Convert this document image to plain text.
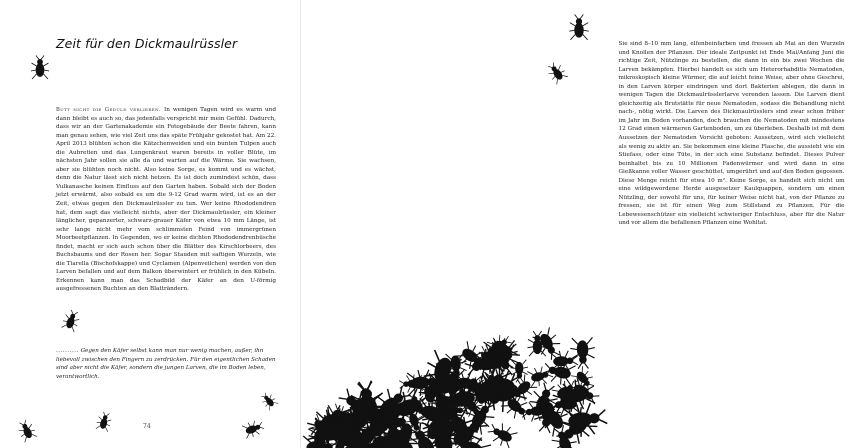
Zeit für den Dickmaulrüssler
Butt nicht die Geduld verlieren. In wenigen Tagen wird es warm und dann bleibt es auch so, das jedenfalls verspricht mir mein Gefühl. Dadurch, dass wir an der Gartenakademie ein Fotogebäude der Beete fahren, kann man genau sehen, wie viel Zeit uns das späte Frühjahr gekostet hat. Am 22. April 2013 blühten schon die Kätzchenweiden und ein bunten Tulpen auch die Aubretien und das Lungenkraut waren bereits in voller Blüte, im nächsten Jahr sollen sie alle da und warten auf die Wärme. Sie wachsen, aber sie blühten noch nicht. Also keine Sorge, es kommt und es wächst, denn die Natur lässt sich nicht hetzen. Es ist doch zumindest schön, dass Vulkanasche keinen Einfluss auf den Garten haben. Sobald sich der Boden jetzt erwärmt, also sobald es um die 9-12 Grad warm wird, ist es an der Zeit, etwas gegen den Dickmaulrüssler zu tun. Wer keine Rhododendren hat, dem sagt das vielleicht nichts, aber der Dickmaulrüssler, ein kleiner länglicher, gepanzerter, schwarz-grauer Käfer von etwa 10 mm Länge, ist sehr lange nicht mehr vom schlimmsten Feind von immergrünen Moorbeetpflanzen. In Gegenden, wo er keine dichten Rhododendrenbüsche findet, macht er sich auch schon über die Blätter des Kirschlorbeers, des Buchsbaums und der Rosen her. Sogar Stauden mit saftigen Wurzeln, wie die Tiarella (Bischofskappe) und Cyclamen (Alpenveilchen) werden von den Larven befallen und auf dem Balkon überwintert er frühlich in den Kübeln. Erkennen kann man das Schadbild der Käfer an den U-förmig ausgefressenen Buchten an den Blatträndern.
.......... Gegen den Käfer selbst kann man nur wenig machen, außer, ihn liebevoll zwischen den Fingern zu zerdrücken. Für den eigentlichen Schaden sind aber nicht die Käfer, sondern die jungen Larven, die im Boden leben, verantwortlich.
74
Sie sind 8–10 mm lang, elfenbeinfarben und fressen ab Mai an den Wurzeln und Knollen der Pflanzen. Der ideale Zeitpunkt ist Ende Mai/Anfang Juni die richtige Zeit, Nützlinge zu bestellen, die dann in ein bis zwei Wochen die Larven bekämpfen. Hierbei handelt es sich um Heterorhabditis Nematoden, mikroskopisch kleine Würmer, die auf leicht feine Weise, aber ohne Geschrei, in den Larven körper eindringen und dort Bakterien ablegen, die dann in wenigen Tagen die Dickmaulrüsslerlarve verenden lassen. Die Larven dient gleichzeitig als Brutstätte für neue Nematoden, sodass die Behandlung nicht nach-, nötig wirkt. Die Larven des Dickmaulrüsslers sind zwar schon früher im Jahr im Boden vorhanden, doch brauchen die Nematoden mit mindestens 12 Grad einen wärmeren Gartenboden, um zu überleben. Deshalb ist mit dem Aussetzen der Nematoden Vorsicht geboten: Aussetzen, wird sich vielleicht als wenig zu aktiv an. Sie bekommen eine kleine Flasche, die aussieht wie ein Stiefass, oder eine Tüte, in der sich eine Substanz befindet. Dieses Pulver beinhaltet bis zu 10 Millionen Fadenwürmer und wird dann in eine Gießkanne voller Wasser geschüttet, umgerührt und auf den Boden gegossen. Diese Menge reicht für etwa 10 m². Keine Sorge, es handelt sich nicht um eine wildgewordene Herde ausgesetzer Kaulquappen, sondern um einen Nützling, der sowohl für uns, für keiner Weise nicht hat, von der Pflanze zu fressen, sie ist für einen Weg zum Stillstand zu Pflanzen. Für die Lebewesenschützer ein vielleicht schwieriger Entschluss, aber für die Natur und vor allem die befallenen Pflanzen eine Wohltat.
